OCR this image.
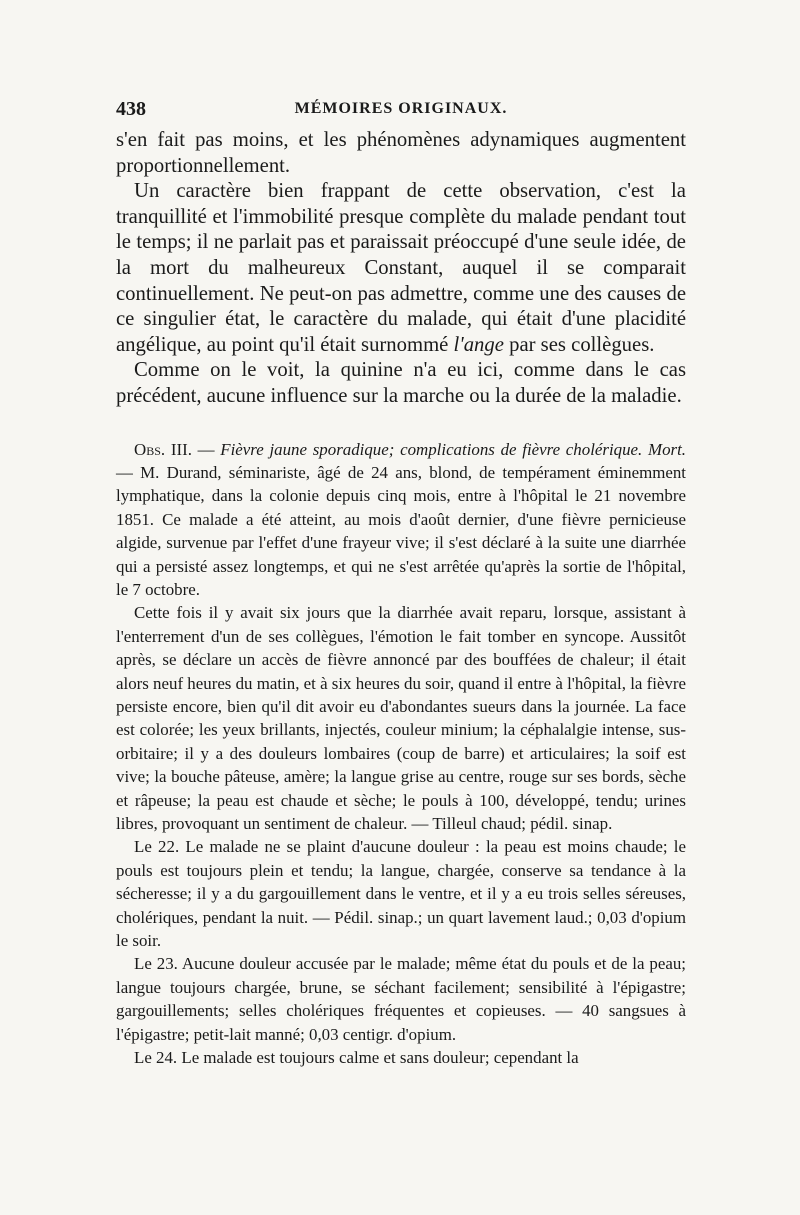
438	MÉMOIRES ORIGINAUX.

s'en fait pas moins, et les phénomènes adynamiques augmentent proportionnellement.

Un caractère bien frappant de cette observation, c'est la tranquillité et l'immobilité presque complète du malade pendant tout le temps; il ne parlait pas et paraissait préoccupé d'une seule idée, de la mort du malheureux Constant, auquel il se comparait continuellement. Ne peut-on pas admettre, comme une des causes de ce singulier état, le caractère du malade, qui était d'une placidité angélique, au point qu'il était surnommé l'ange par ses collègues.

Comme on le voit, la quinine n'a eu ici, comme dans le cas précédent, aucune influence sur la marche ou la durée de la maladie.

Obs. III. — Fièvre jaune sporadique; complications de fièvre cholérique. Mort. — M. Durand, séminariste, âgé de 24 ans, blond, de tempérament éminemment lymphatique, dans la colonie depuis cinq mois, entre à l'hôpital le 21 novembre 1851. Ce malade a été atteint, au mois d'août dernier, d'une fièvre pernicieuse algide, survenue par l'effet d'une frayeur vive; il s'est déclaré à la suite une diarrhée qui a persisté assez longtemps, et qui ne s'est arrêtée qu'après la sortie de l'hôpital, le 7 octobre.

Cette fois il y avait six jours que la diarrhée avait reparu, lorsque, assistant à l'enterrement d'un de ses collègues, l'émotion le fait tomber en syncope. Aussitôt après, se déclare un accès de fièvre annoncé par des bouffées de chaleur; il était alors neuf heures du matin, et à six heures du soir, quand il entre à l'hôpital, la fièvre persiste encore, bien qu'il dit avoir eu d'abondantes sueurs dans la journée. La face est colorée; les yeux brillants, injectés, couleur minium; la céphalalgie intense, sus-orbitaire; il y a des douleurs lombaires (coup de barre) et articulaires; la soif est vive; la bouche pâteuse, amère; la langue grise au centre, rouge sur ses bords, sèche et râpeuse; la peau est chaude et sèche; le pouls à 100, développé, tendu; urines libres, provoquant un sentiment de chaleur. — Tilleul chaud; pédil. sinap.

Le 22. Le malade ne se plaint d'aucune douleur : la peau est moins chaude; le pouls est toujours plein et tendu; la langue, chargée, conserve sa tendance à la sécheresse; il y a du gargouillement dans le ventre, et il y a eu trois selles séreuses, cholériques, pendant la nuit. — Pédil. sinap.; un quart lavement laud.; 0,03 d'opium le soir.

Le 23. Aucune douleur accusée par le malade; même état du pouls et de la peau; langue toujours chargée, brune, se séchant facilement; sensibilité à l'épigastre; gargouillements; selles cholériques fréquentes et copieuses. — 40 sangsues à l'épigastre; petit-lait manné; 0,03 centigr. d'opium.

Le 24. Le malade est toujours calme et sans douleur; cependant la
